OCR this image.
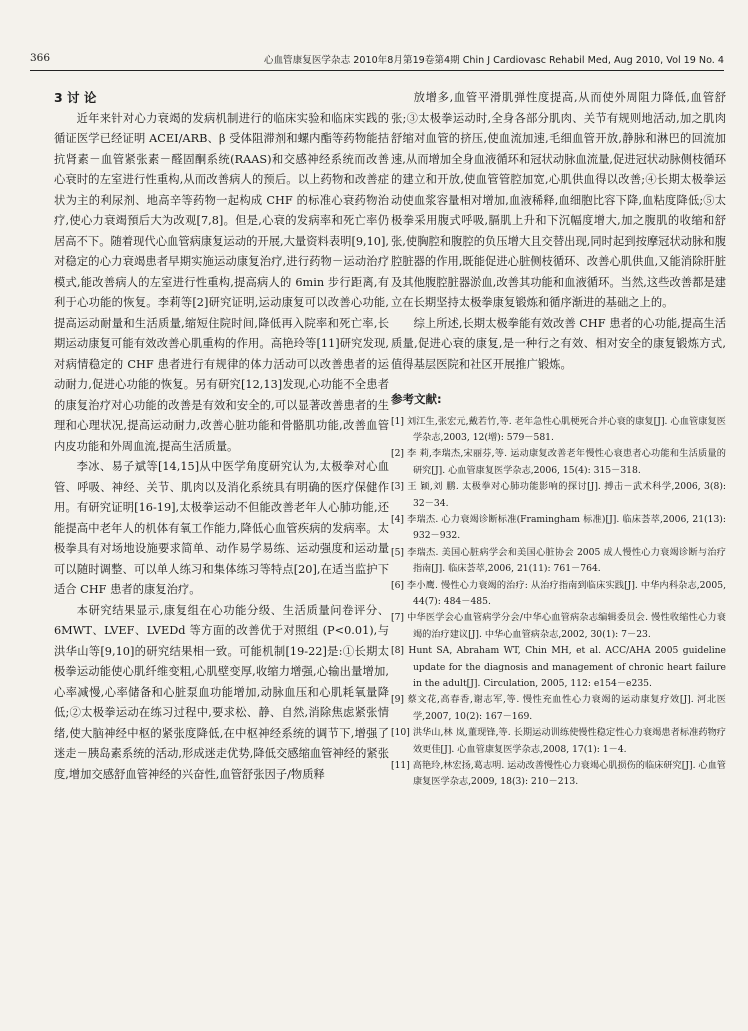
366	心血管康复医学杂志 2010年8月第19卷第4期 Chin J Cardiovasc Rehabil Med, Aug 2010, Vol 19 No. 4

3 讨 论

近年来针对心力衰竭的发病机制进行的临床实验和临床实践的循证医学已经证明 ACEI/ARB、β 受体阻滞剂和螺内酯等药物能拮抗肾素－血管紧张素－醛固酮系统(RAAS)和交感神经系统而改善心衰时的左室进行性重构,从而改善病人的预后。以上药物和改善症状为主的利尿剂、地高辛等药物一起构成 CHF 的标准心衰药物治疗,使心力衰竭預后大为改观[7,8]。但是,心衰的发病率和死亡率仍居高不下。随着现代心血管病康复运动的开展,大量资料表明[9,10],对稳定的心力衰竭患者早期实施运动康复治疗,进行药物－运动治疗模式,能改善病人的左室进行性重构,提高病人的 6min 步行距离,有利于心功能的恢复。李莉等[2]研究证明,运动康复可以改善心功能,提高运动耐量和生活质量,缩短住院时间,降低再入院率和死亡率,长期运动康复可能有效改善心肌重构的作用。高艳玲等[11]研究发现,对病情稳定的 CHF 患者进行有规律的体力活动可以改善患者的运动耐力,促进心功能的恢复。另有研究[12,13]发现,心功能不全患者的康复治疗对心功能的改善是有效和安全的,可以显著改善患者的生理和心理状况,提高运动耐力,改善心脏功能和骨骼肌功能,改善血管内皮功能和外周血流,提高生活质量。

李冰、易子斌等[14,15]从中医学角度研究认为,太极拳对心血管、呼吸、神经、关节、肌肉以及消化系统具有明确的医疗保健作用。有研究证明[16-19],太极拳运动不但能改善老年人心肺功能,还能提高中老年人的机体有氧工作能力,降低心血管疾病的发病率。太极拳具有对场地设施要求简单、动作易学易练、运动强度和运动量可以随时调整、可以单人练习和集体练习等特点[20],在适当监护下适合 CHF 患者的康复治疗。

本研究结果显示,康复组在心功能分级、生活质量问卷评分、6MWT、LVEF、LVEDd 等方面的改善优于对照组 (P<0.01),与洪华山等[9,10]的研究结果相一致。可能机制[19-22]是:①长期太极拳运动能使心肌纤维变粗,心肌壁变厚,收缩力增强,心输出量增加,心率减慢,心率储备和心脏泵血功能增加,动脉血压和心肌耗氧量降低;②太极拳运动在练习过程中,要求松、静、自然,消除焦虑紧张情绪,使大脑神经中枢的紧张度降低,在中枢神经系统的调节下,增强了迷走－胰岛素系统的活动,形成迷走优势,降低交感缩血管神经的紧张度,增加交感舒血管神经的兴奋性,血管舒张因子/物质释

放增多,血管平滑肌弹性度提高,从而使外周阻力降低,血管舒张;③太极拳运动时,全身各部分肌肉、关节有规则地活动,加之肌肉舒缩对血管的挤压,使血流加速,毛细血管开放,静脉和淋巴的回流加速,从而增加全身血液循环和冠状动脉血流量,促进冠状动脉侧枝循环的建立和开放,使血管管腔加宽,心肌供血得以改善;④长期太极拳运动使血浆容量相对增加,血液稀释,血细胞比容下降,血粘度降低;⑤太极拳采用腹式呼吸,膈肌上升和下沉幅度增大,加之腹肌的收缩和舒张,使胸腔和腹腔的负压增大且交替出现,同时起到按摩冠状动脉和腹腔脏器的作用,既能促进心脏侧枝循环、改善心肌供血,又能消除肝脏及其他腹腔脏器淤血,改善其功能和血液循环。当然,这些改善都是建立在长期坚持太极拳康复锻炼和循序渐进的基础之上的。

综上所述,长期太极拳能有效改善 CHF 患者的心功能,提高生活质量,促进心衰的康复,是一种行之有效、相对安全的康复锻炼方式,值得基层医院和社区开展推广锻炼。

参考文献:
[1] 刘江生,张宏元,戴若竹,等. 老年急性心肌梗死合并心衰的康复[J]. 心血管康复医学杂志,2003, 12(增): 579－581.
[2] 李 莉,李瑞杰,宋丽芬,等. 运动康复改善老年慢性心衰患者心功能和生活质量的研究[J]. 心血管康复医学杂志,2006, 15(4): 315－318.
[3] 王 颖,刘 鹏. 太极拳对心肺功能影响的探讨[J]. 搏击－武术科学,2006, 3(8): 32－34.
[4] 李瑞杰. 心力衰竭诊断标准(Framingham 标准)[J]. 临床荟萃,2006, 21(13): 932－932.
[5] 李瑞杰. 美国心脏病学会和美国心脏协会 2005 成人慢性心力衰竭诊断与治疗指南[J]. 临床荟萃,2006, 21(11): 761－764.
[6] 李小鹰. 慢性心力衰竭的治疗: 从治疗指南到临床实践[J]. 中华内科杂志,2005, 44(7): 484－485.
[7] 中华医学会心血管病学分会/中华心血管病杂志编辑委员会. 慢性收缩性心力衰竭的治疗建议[J]. 中华心血管病杂志,2002, 30(1): 7－23.
[8] Hunt SA, Abraham WT, Chin MH, et al. ACC/AHA 2005 guideline update for the diagnosis and management of chronic heart failure in the adult[J]. Circulation, 2005, 112: e154－e235.
[9] 蔡文花,高春香,谢志军,等. 慢性充血性心力衰竭的运动康复疗效[J]. 河北医学,2007, 10(2): 167－169.
[10] 洪华山,林 岚,董现锋,等. 长期运动训练使慢性稳定性心力衰竭患者标准药物疗效更佳[J]. 心血管康复医学杂志,2008, 17(1): 1－4.
[11] 高艳玲,林宏扬,葛志明. 运动改善慢性心力衰竭心肌损伤的临床研究[J]. 心血管康复医学杂志,2009, 18(3): 210－213.
